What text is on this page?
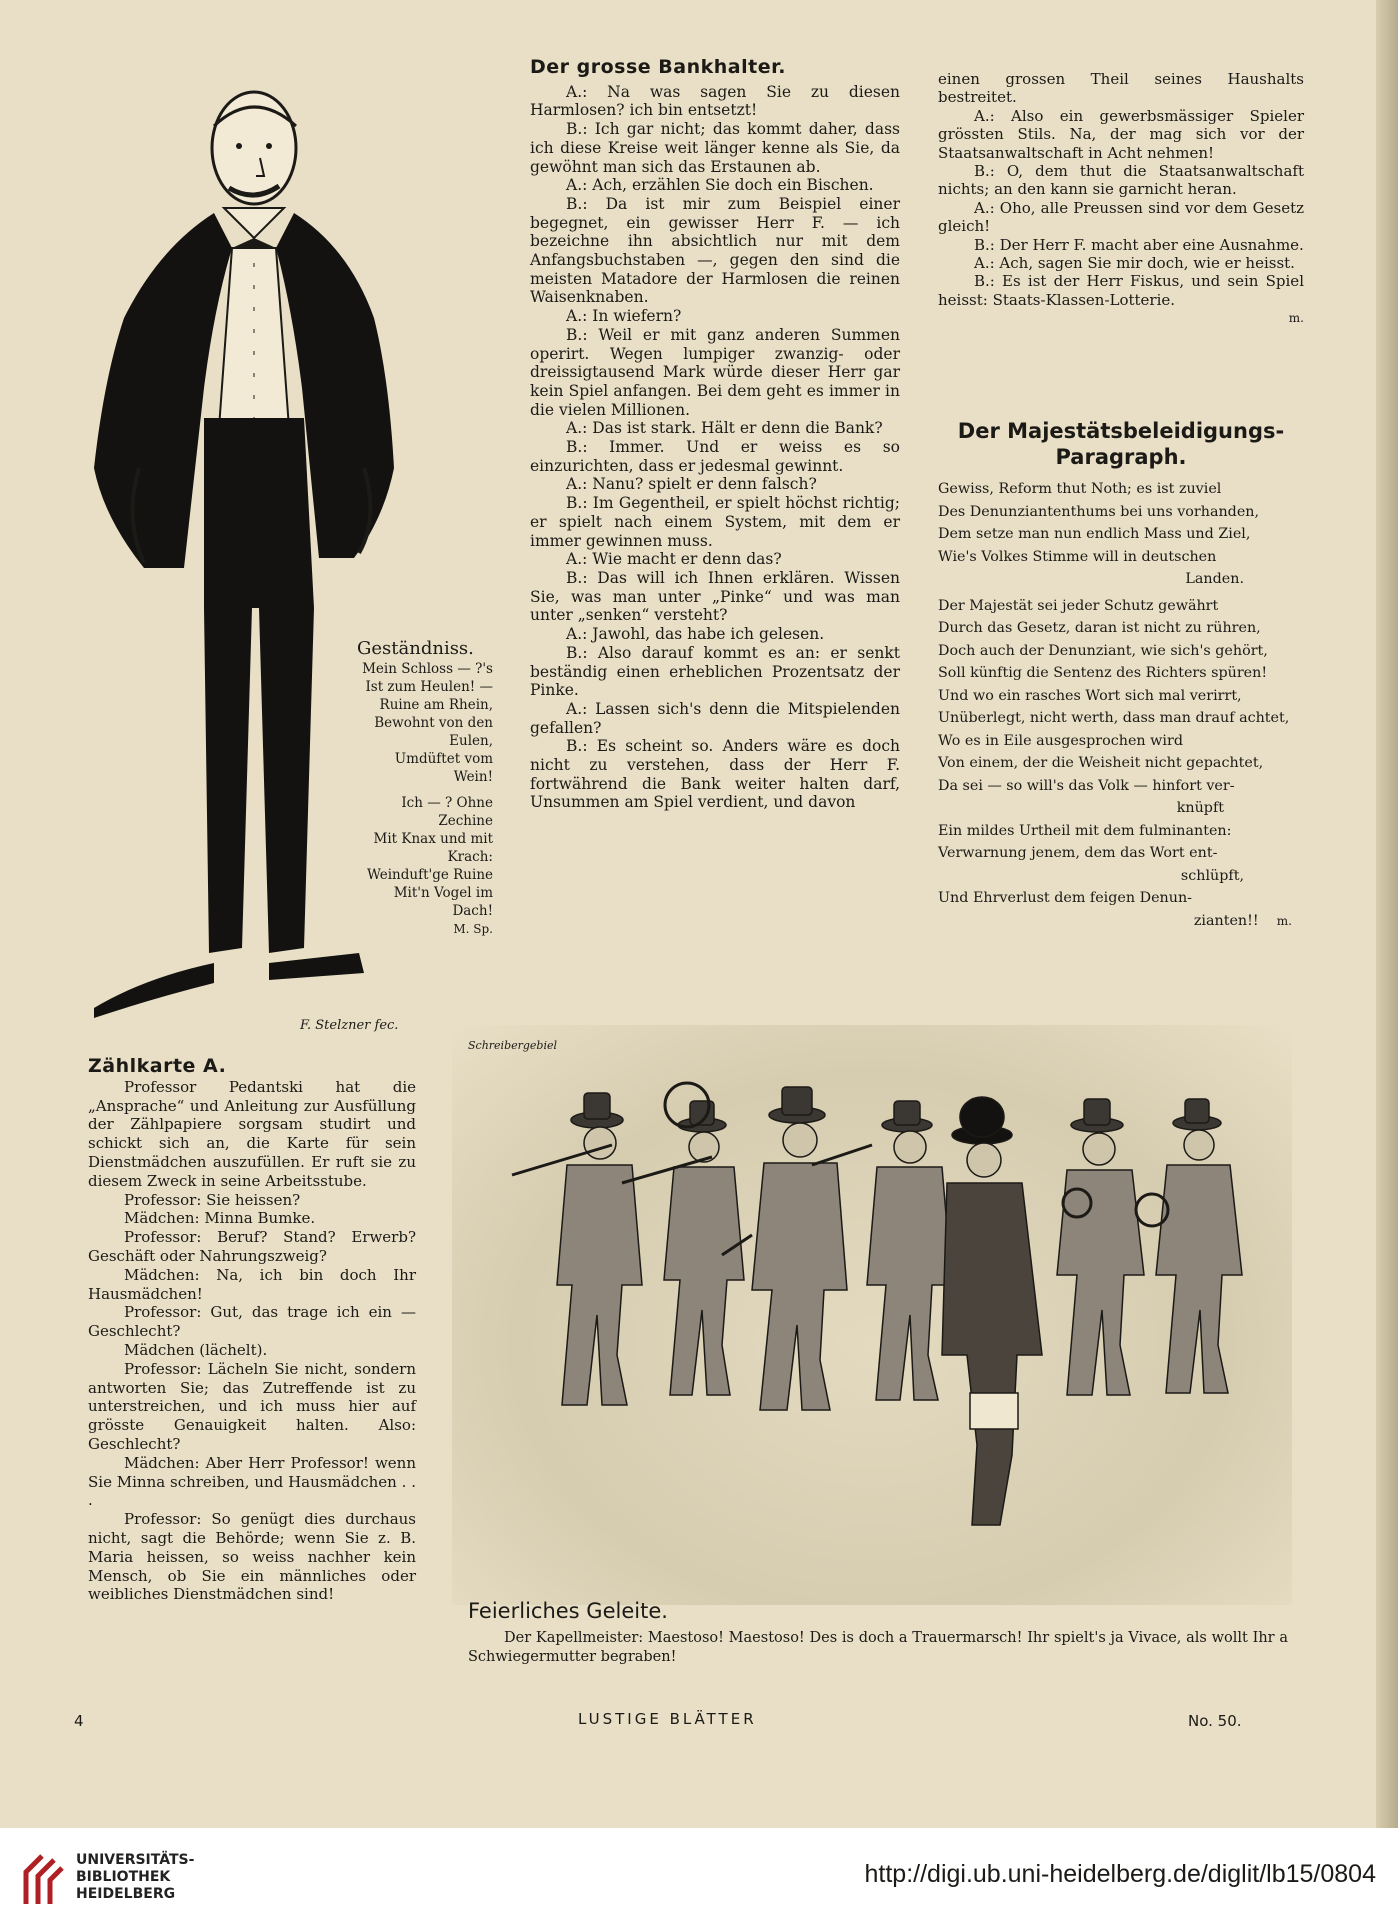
Geständniss.

Mein Schloss — ?'s

Ist zum Heulen! —

Ruine am Rhein,

Bewohnt von den

Eulen,

Umdüftet vom

Wein!

Ich — ? Ohne

Zechine

Mit Knax und mit

Krach:

Weinduft'ge Ruine

Mit'n Vogel im

Dach!

M. Sp.

F. Stelzner fec.
Der grosse Bankhalter.

A.: Na was sagen Sie zu diesen Harmlosen? ich bin entsetzt!

B.: Ich gar nicht; das kommt daher, dass ich diese Kreise weit länger kenne als Sie, da gewöhnt man sich das Erstaunen ab.

A.: Ach, erzählen Sie doch ein Bischen.

B.: Da ist mir zum Beispiel einer begegnet, ein gewisser Herr F. — ich bezeichne ihn absichtlich nur mit dem Anfangsbuchstaben —, gegen den sind die meisten Matadore der Harmlosen die reinen Waisenknaben.

A.: In wiefern?

B.: Weil er mit ganz anderen Summen operirt. Wegen lumpiger zwanzig- oder dreissigtausend Mark würde dieser Herr gar kein Spiel anfangen. Bei dem geht es immer in die vielen Millionen.

A.: Das ist stark. Hält er denn die Bank?

B.: Immer. Und er weiss es so einzurichten, dass er jedesmal gewinnt.

A.: Nanu? spielt er denn falsch?

B.: Im Gegentheil, er spielt höchst richtig; er spielt nach einem System, mit dem er immer gewinnen muss.

A.: Wie macht er denn das?

B.: Das will ich Ihnen erklären. Wissen Sie, was man unter „Pinke“ und was man unter „senken“ versteht?

A.: Jawohl, das habe ich gelesen.

B.: Also darauf kommt es an: er senkt beständig einen erheblichen Prozentsatz der Pinke.

A.: Lassen sich's denn die Mitspielenden gefallen?

B.: Es scheint so. Anders wäre es doch nicht zu verstehen, dass der Herr F. fortwährend die Bank weiter halten darf, Unsummen am Spiel verdient, und davon

einen grossen Theil seines Haushalts bestreitet.

A.: Also ein gewerbsmässiger Spieler grössten Stils. Na, der mag sich vor der Staatsanwaltschaft in Acht nehmen!

B.: O, dem thut die Staatsanwaltschaft nichts; an den kann sie garnicht heran.

A.: Oho, alle Preussen sind vor dem Gesetz gleich!

B.: Der Herr F. macht aber eine Ausnahme.

A.: Ach, sagen Sie mir doch, wie er heisst.

B.: Es ist der Herr Fiskus, und sein Spiel heisst: Staats-Klassen-Lotterie.

m.

Der Majestätsbeleidigungs-
Paragraph.

Gewiss, Reform thut Noth; es ist zuviel

Des Denunziantenthums bei uns vorhanden,

Dem setze man nun endlich Mass und Ziel,

Wie's Volkes Stimme will in deutschen

Landen.

Der Majestät sei jeder Schutz gewährt

Durch das Gesetz, daran ist nicht zu rühren,

Doch auch der Denunziant, wie sich's gehört,

Soll künftig die Sentenz des Richters spüren!

Und wo ein rasches Wort sich mal verirrt,

Unüberlegt, nicht werth, dass man drauf achtet,

Wo es in Eile ausgesprochen wird

Von einem, der die Weisheit nicht gepachtet,

Da sei — so will's das Volk — hinfort ver-

knüpft

Ein mildes Urtheil mit dem fulminanten:

Verwarnung jenem, dem das Wort ent-

schlüpft,

Und Ehrverlust dem feigen Denun-

zianten!! m.

Zählkarte A.

Professor Pedantski hat die „Ansprache“ und Anleitung zur Ausfüllung der Zählpapiere sorgsam studirt und schickt sich an, die Karte für sein Dienstmädchen auszufüllen. Er ruft sie zu diesem Zweck in seine Arbeitsstube.

Professor: Sie heissen?

Mädchen: Minna Bumke.

Professor: Beruf? Stand? Erwerb? Geschäft oder Nahrungszweig?

Mädchen: Na, ich bin doch Ihr Hausmädchen!

Professor: Gut, das trage ich ein — Geschlecht?

Mädchen (lächelt).

Professor: Lächeln Sie nicht, sondern antworten Sie; das Zutreffende ist zu unterstreichen, und ich muss hier auf grösste Genauigkeit halten. Also: Geschlecht?

Mädchen: Aber Herr Professor! wenn Sie Minna schreiben, und Hausmädchen . . .

Professor: So genügt dies durchaus nicht, sagt die Behörde; wenn Sie z. B. Maria heissen, so weiss nachher kein Mensch, ob Sie ein männliches oder weibliches Dienstmädchen sind!

Schreibergebiel
Feierliches Geleite.

Der Kapellmeister: Maestoso! Maestoso! Des is doch a Trauermarsch! Ihr spielt's ja Vivace, als wollt Ihr a Schwiegermutter begraben!

4	LUSTIGE BLÄTTER	No. 50.
UNIVERSITÄTS-
BIBLIOTHEK
HEIDELBERG
http://digi.ub.uni-heidelberg.de/diglit/lb15/0804
